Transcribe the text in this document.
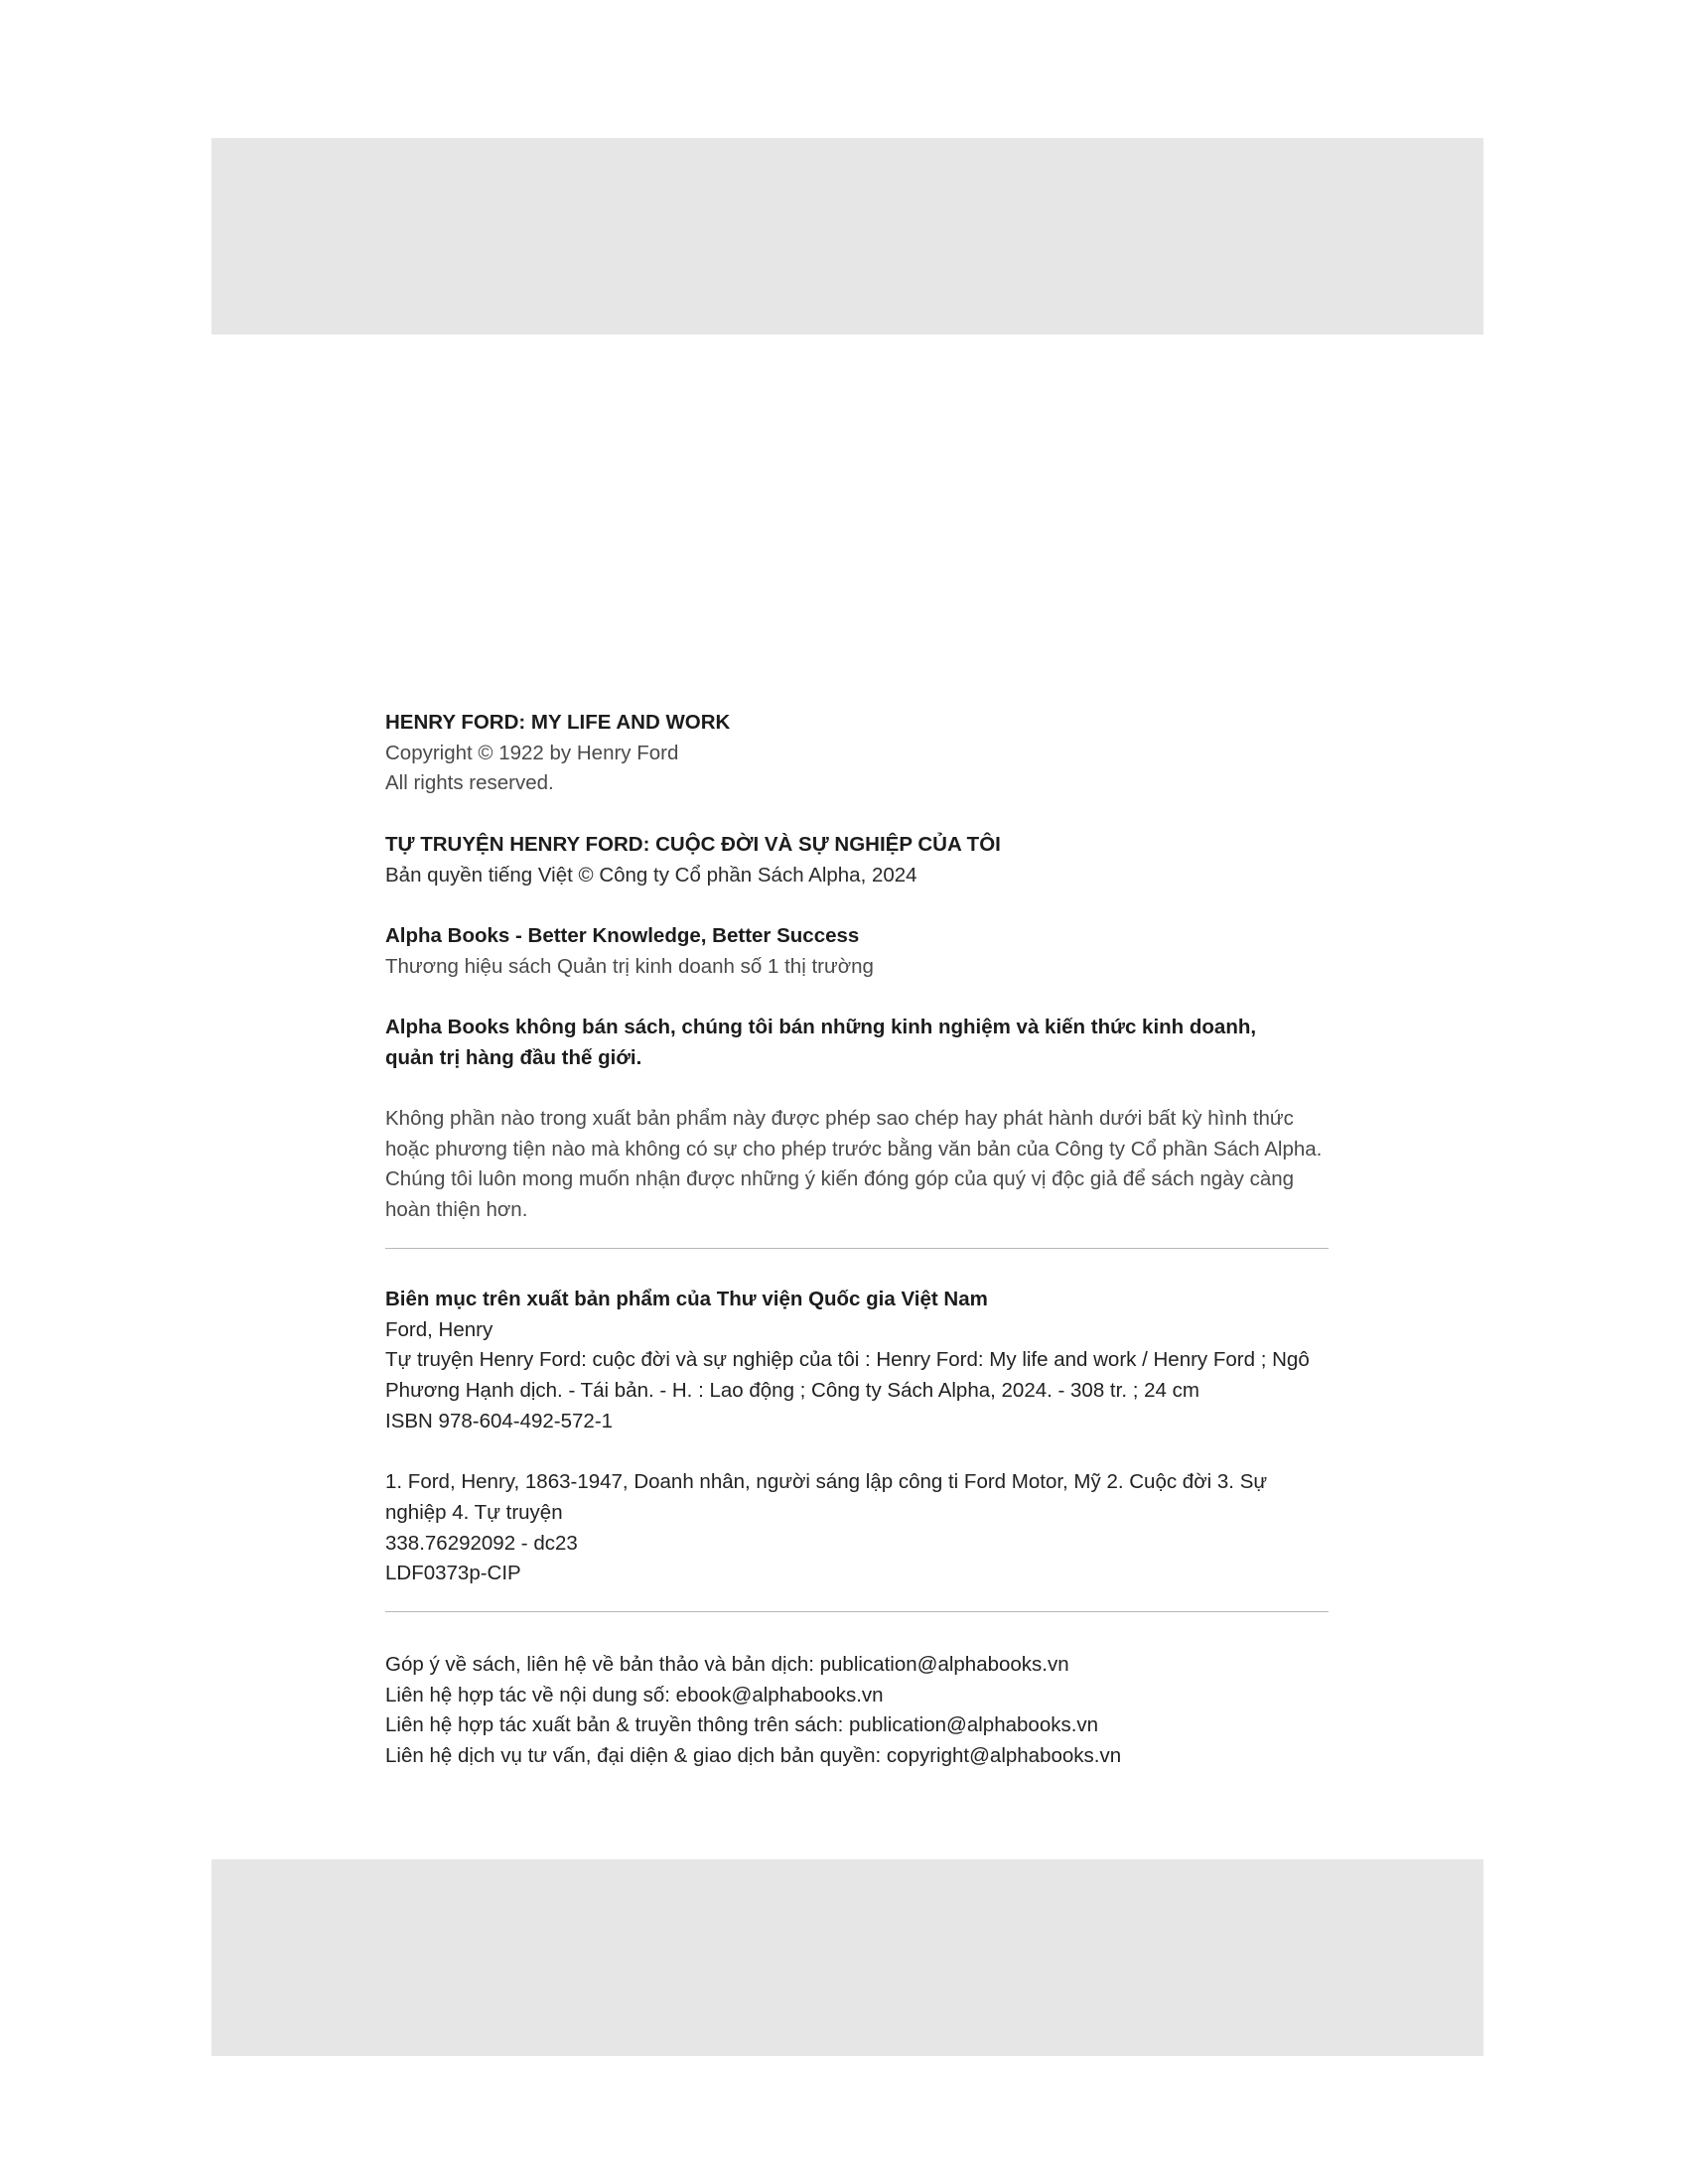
HENRY FORD: MY LIFE AND WORK
Copyright © 1922 by Henry Ford
All rights reserved.
TỰ TRUYỆN HENRY FORD: CUỘC ĐỜI VÀ SỰ NGHIỆP CỦA TÔI
Bản quyền tiếng Việt © Công ty Cổ phần Sách Alpha, 2024
Alpha Books - Better Knowledge, Better Success
Thương hiệu sách Quản trị kinh doanh số 1 thị trường
Alpha Books không bán sách, chúng tôi bán những kinh nghiệm và kiến thức kinh doanh,
quản trị hàng đầu thế giới.
Không phần nào trong xuất bản phẩm này được phép sao chép hay phát hành dưới bất kỳ hình thức
hoặc phương tiện nào mà không có sự cho phép trước bằng văn bản của Công ty Cổ phần Sách Alpha.
Chúng tôi luôn mong muốn nhận được những ý kiến đóng góp của quý vị độc giả để sách ngày càng
hoàn thiện hơn.
Biên mục trên xuất bản phẩm của Thư viện Quốc gia Việt Nam
Ford, Henry
Tự truyện Henry Ford: cuộc đời và sự nghiệp của tôi : Henry Ford: My life and work / Henry Ford ; Ngô
Phương Hạnh dịch. - Tái bản. - H. : Lao động ; Công ty Sách Alpha, 2024. - 308 tr. ; 24 cm
ISBN 978-604-492-572-1
1. Ford, Henry, 1863-1947, Doanh nhân, người sáng lập công ti Ford Motor, Mỹ 2. Cuộc đời 3. Sự
nghiệp 4. Tự truyện
338.76292092 - dc23
LDF0373p-CIP
Góp ý về sách, liên hệ về bản thảo và bản dịch: publication@alphabooks.vn
Liên hệ hợp tác về nội dung số: ebook@alphabooks.vn
Liên hệ hợp tác xuất bản & truyền thông trên sách: publication@alphabooks.vn
Liên hệ dịch vụ tư vấn, đại diện & giao dịch bản quyền: copyright@alphabooks.vn
